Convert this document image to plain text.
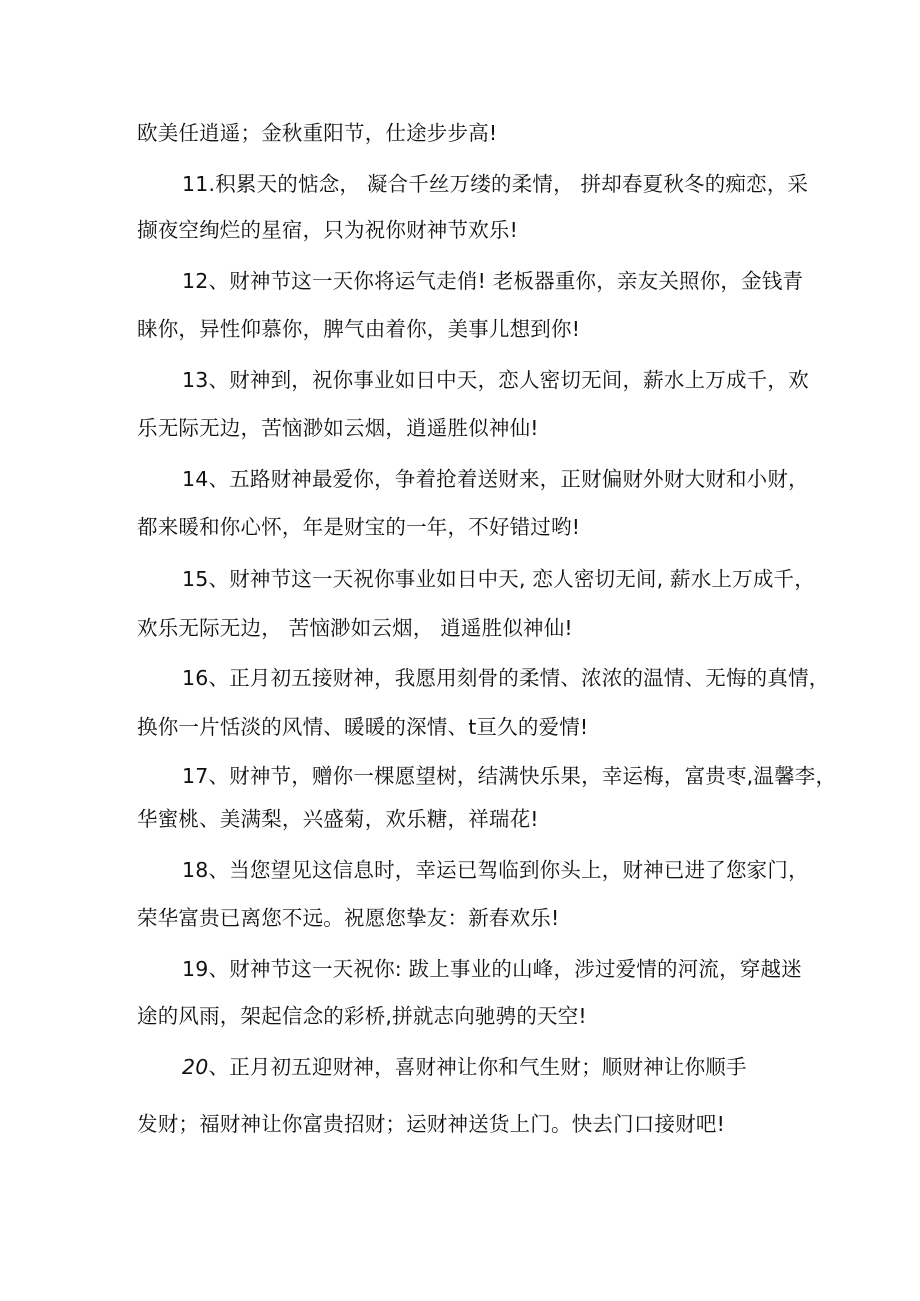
欧美任逍遥；金秋重阳节，仕途步步高!
11.积累天的惦念， 凝合千丝万缕的柔情， 拼却春夏秋冬的痴恋，采
撷夜空绚烂的星宿，只为祝你财神节欢乐!
12、财神节这一天你将运气走俏! 老板器重你，亲友关照你，金钱青
睐你，异性仰慕你，脾气由着你，美事儿想到你!
13、财神到，祝你事业如日中天，恋人密切无间，薪水上万成千，欢
乐无际无边，苦恼渺如云烟，逍遥胜似神仙!
14、五路财神最爱你，争着抢着送财来，正财偏财外财大财和小财，
都来暖和你心怀，年是财宝的一年，不好错过哟!
15、财神节这一天祝你事业如日中天, 恋人密切无间, 薪水上万成千，
欢乐无际无边， 苦恼渺如云烟， 逍遥胜似神仙!
16、正月初五接财神，我愿用刻骨的柔情、浓浓的温情、无悔的真情，
换你一片恬淡的风情、暖暖的深情、t亘久的爱情!
17、财神节，赠你一棵愿望树，结满快乐果，幸运梅，富贵枣,温馨李，
华蜜桃、美满梨，兴盛菊，欢乐糖，祥瑞花!
18、当您望见这信息时，幸运已驾临到你头上，财神已进了您家门，
荣华富贵已离您不远。祝愿您挚友：新春欢乐!
19、财神节这一天祝你: 跋上事业的山峰，涉过爱情的河流，穿越迷
途的风雨，架起信念的彩桥,拼就志向驰骋的天空!
20、正月初五迎财神，喜财神让你和气生财；顺财神让你顺手
发财；福财神让你富贵招财；运财神送货上门。快去门口接财吧!
